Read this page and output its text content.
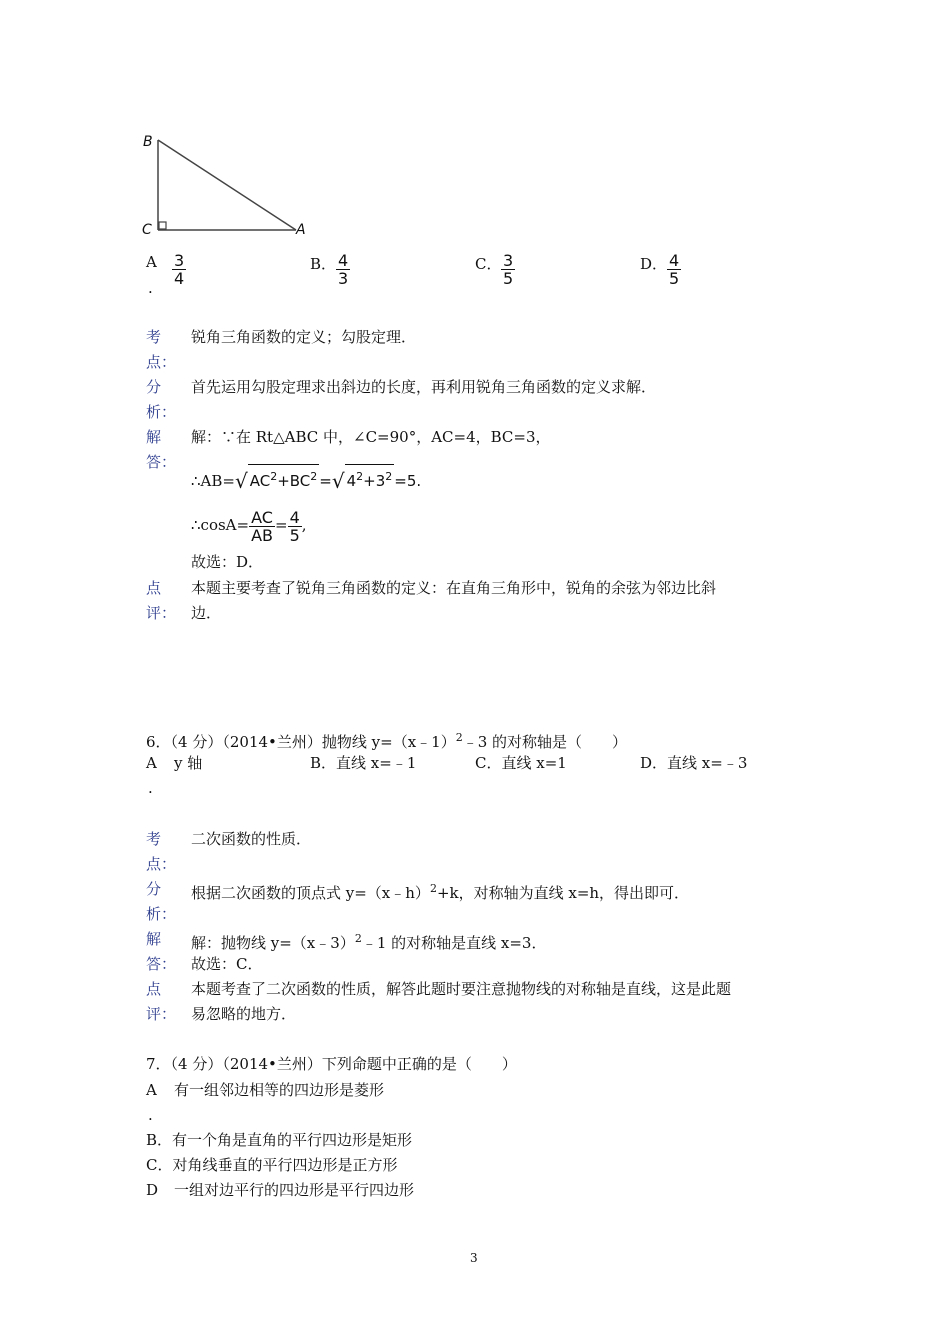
B
C	A
A
.
$\frac{3}{4}$	B． $\frac{4}{3}$	C． $\frac{3}{5}$	D． $\frac{4}{5}$
考
点：
锐角三角函数的定义；勾股定理．
分
析：
首先运用勾股定理求出斜边的长度，再利用锐角三角函数的定义求解．
解
答：
解：∵在 Rt△ABC 中，∠C=90°，AC=4，BC=3，
∴AB=√ $AC^2+BC^2$ =√ $4^2+3^2 =5$.
∴cosA= $\frac{AC}{AB} = \frac{4}{5}$ ,
故选：D．
点
评：
本题主要考查了锐角三角函数的定义：在直角三角形中，锐角的余弦为邻边比斜
边．
6．（4 分）（2014•兰州）抛物线 y=（x﹣1）$^2$﹣3 的对称轴是（　　）
A y 轴
.
B．直线 x=﹣1	C．直线 x=1	D．直线 x=﹣3
考
点：
二次函数的性质．
分
析：
根据二次函数的顶点式 y=（x﹣h）$^2$+k，对称轴为直线 x=h，得出即可．
解
答：
解：抛物线 y=（x﹣3）$^2$﹣1 的对称轴是直线 x=3．
故选：C．
点
评：
本题考查了二次函数的性质，解答此题时要注意抛物线的对称轴是直线，这是此题
易忽略的地方．
7．（4 分）（2014•兰州）下列命题中正确的是（　　）
A 有一组邻边相等的四边形是菱形
.
B．有一个角是直角的平行四边形是矩形
C．对角线垂直的平行四边形是正方形
D 一组对边平行的四边形是平行四边形
3
